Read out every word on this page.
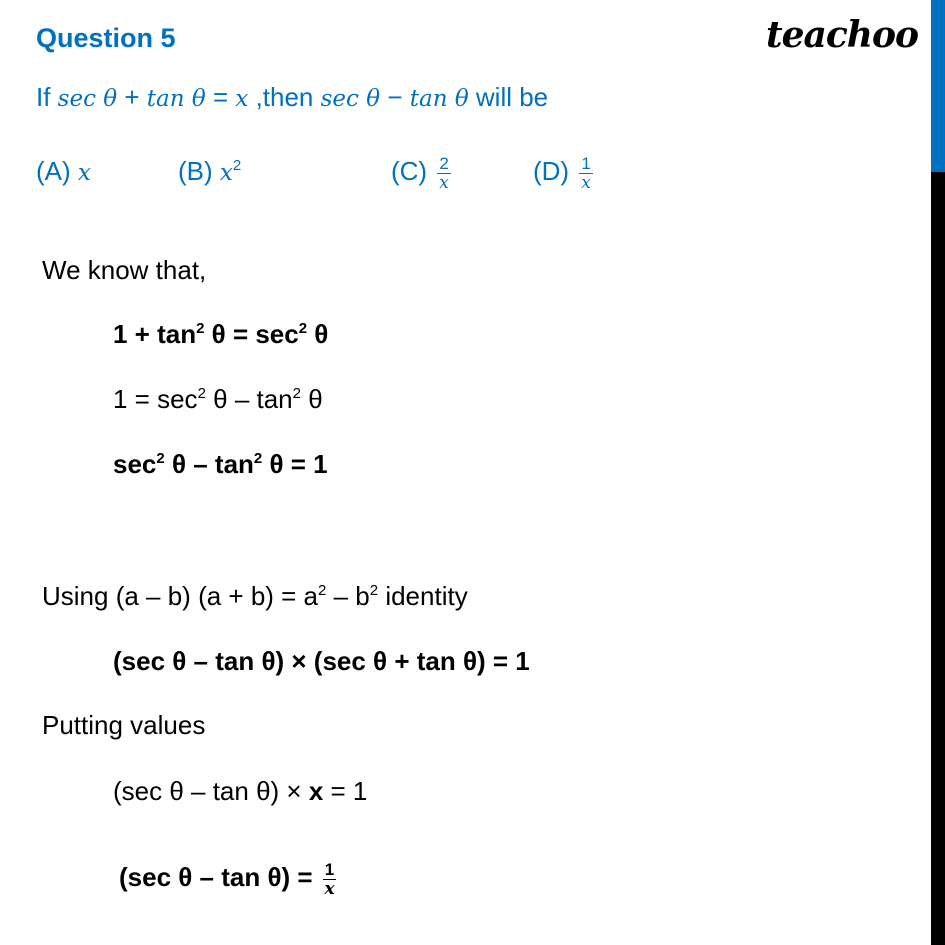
Question 5	teachoo
If sec θ + tan θ = x ,then sec θ − tan θ will be
(A) x	(B) $x^2$	$(C) \frac{2}{x}$	$(D) \frac{1}{x}$
We know that,
$1 + \tan^2 \theta = \sec^2 \theta$
$1 = \sec^2 \theta - \tan^2 \theta$
$\sec^2 \theta - \tan^2 \theta = 1$
Using (a – b) $(a + b) = a^2 - b^2$ identity
(sec θ – tan θ) × (sec θ + tan θ) = 1
Putting values
(sec θ – tan θ) × x = 1
(sec $\theta - \tan \theta) = \frac{1}{x}$
